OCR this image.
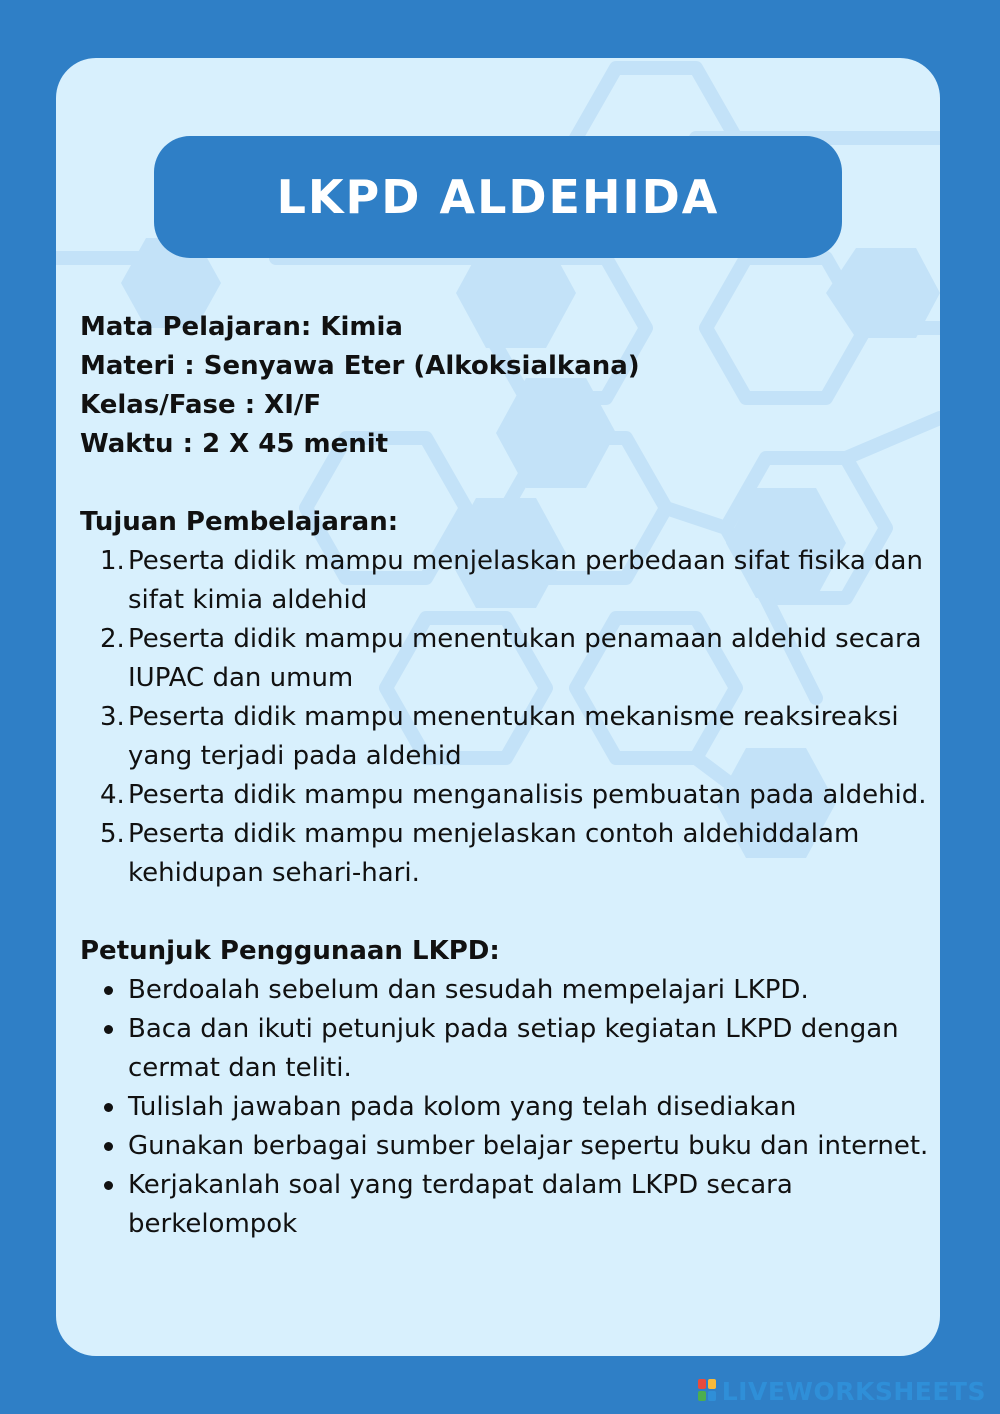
LKPD ALDEHIDA
Mata Pelajaran: Kimia
Materi : Senyawa Eter (Alkoksialkana)
Kelas/Fase : XI/F
Waktu : 2 X 45 menit
Tujuan Pembelajaran:
1. Peserta didik mampu menjelaskan perbedaan sifat fisika dan sifat kimia aldehid
2. Peserta didik mampu menentukan penamaan aldehid secara IUPAC dan umum
3. Peserta didik mampu menentukan mekanisme reaksireaksi yang terjadi pada aldehid
4. Peserta didik mampu menganalisis pembuatan pada aldehid.
5. Peserta didik mampu menjelaskan contoh aldehiddalam kehidupan sehari-hari.
Petunjuk Penggunaan LKPD:
Berdoalah sebelum dan sesudah mempelajari LKPD.
Baca dan ikuti petunjuk pada setiap kegiatan LKPD dengan cermat dan teliti.
Tulislah jawaban pada kolom yang telah disediakan
Gunakan berbagai sumber belajar sepertu buku dan internet.
Kerjakanlah soal yang terdapat dalam LKPD secara berkelompok
LIVEWORKSHEETS
